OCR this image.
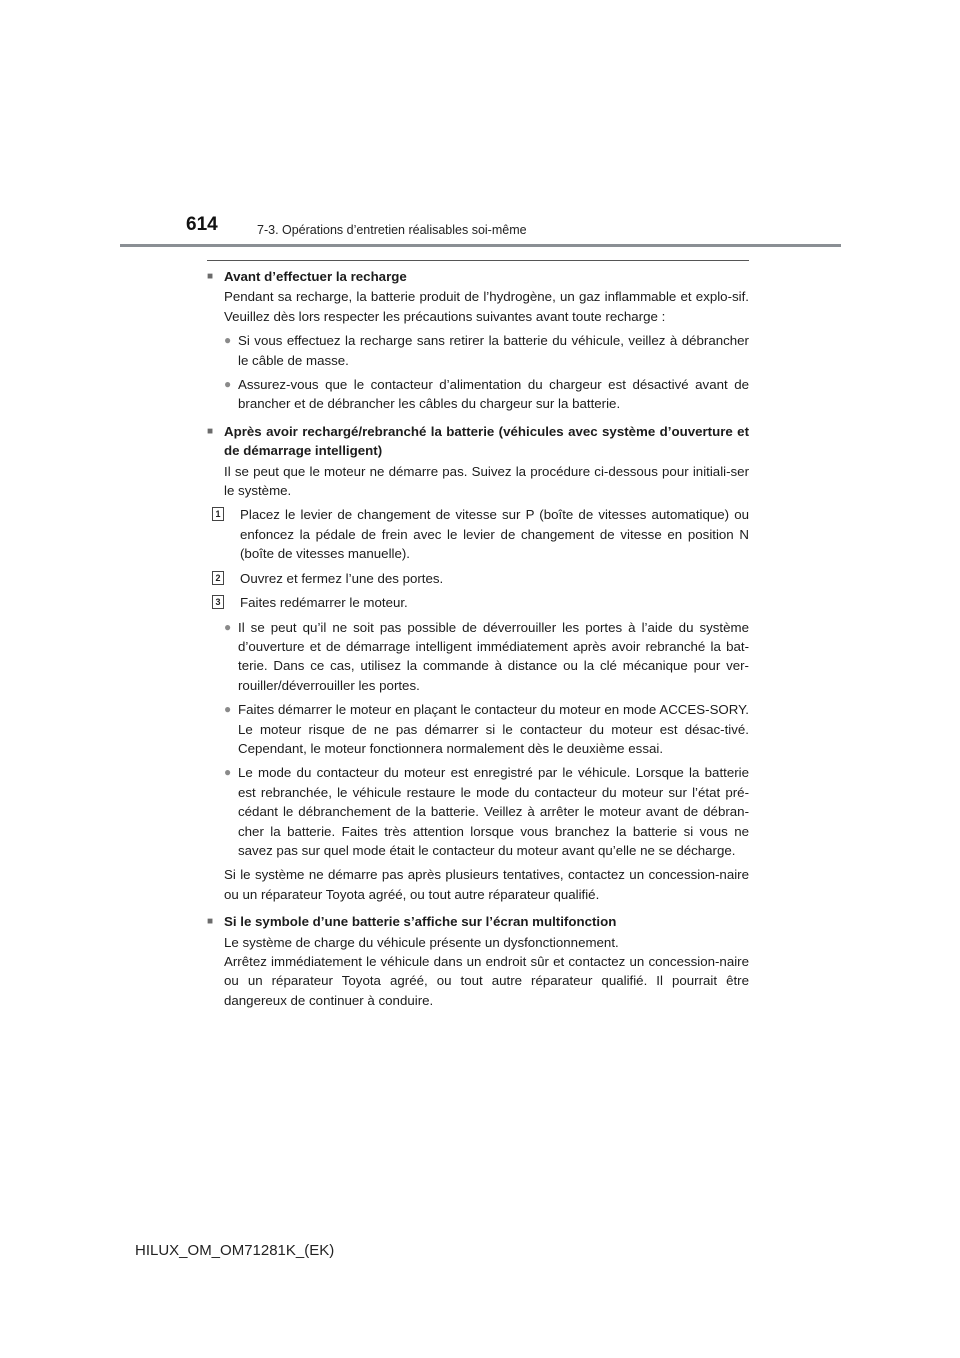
614	7-3. Opérations d’entretien réalisables soi-même
■ Avant d’effectuer la recharge
Pendant sa recharge, la batterie produit de l’hydrogène, un gaz inflammable et explo-sif. Veuillez dès lors respecter les précautions suivantes avant toute recharge :
● Si vous effectuez la recharge sans retirer la batterie du véhicule, veillez à débrancher le câble de masse.
● Assurez-vous que le contacteur d’alimentation du chargeur est désactivé avant de brancher et de débrancher les câbles du chargeur sur la batterie.
■ Après avoir rechargé/rebranché la batterie (véhicules avec système d’ouverture et de démarrage intelligent)
Il se peut que le moteur ne démarre pas. Suivez la procédure ci-dessous pour initiali-ser le système.
1 Placez le levier de changement de vitesse sur P (boîte de vitesses automatique) ou enfoncez la pédale de frein avec le levier de changement de vitesse en position N (boîte de vitesses manuelle).
2 Ouvrez et fermez l’une des portes.
3 Faites redémarrer le moteur.
● Il se peut qu’il ne soit pas possible de déverrouiller les portes à l’aide du système d’ouverture et de démarrage intelligent immédiatement après avoir rebranché la bat-terie. Dans ce cas, utilisez la commande à distance ou la clé mécanique pour ver-rouiller/déverrouiller les portes.
● Faites démarrer le moteur en plaçant le contacteur du moteur en mode ACCES-SORY. Le moteur risque de ne pas démarrer si le contacteur du moteur est désac-tivé. Cependant, le moteur fonctionnera normalement dès le deuxième essai.
● Le mode du contacteur du moteur est enregistré par le véhicule. Lorsque la batterie est rebranchée, le véhicule restaure le mode du contacteur du moteur sur l’état pré-cédant le débranchement de la batterie. Veillez à arrêter le moteur avant de débran-cher la batterie. Faites très attention lorsque vous branchez la batterie si vous ne savez pas sur quel mode était le contacteur du moteur avant qu’elle ne se décharge.
Si le système ne démarre pas après plusieurs tentatives, contactez un concession-naire ou un réparateur Toyota agréé, ou tout autre réparateur qualifié.
■ Si le symbole d’une batterie s’affiche sur l’écran multifonction
Le système de charge du véhicule présente un dysfonctionnement.
Arrêtez immédiatement le véhicule dans un endroit sûr et contactez un concession-naire ou un réparateur Toyota agréé, ou tout autre réparateur qualifié. Il pourrait être dangereux de continuer à conduire.
HILUX_OM_OM71281K_(EK)
